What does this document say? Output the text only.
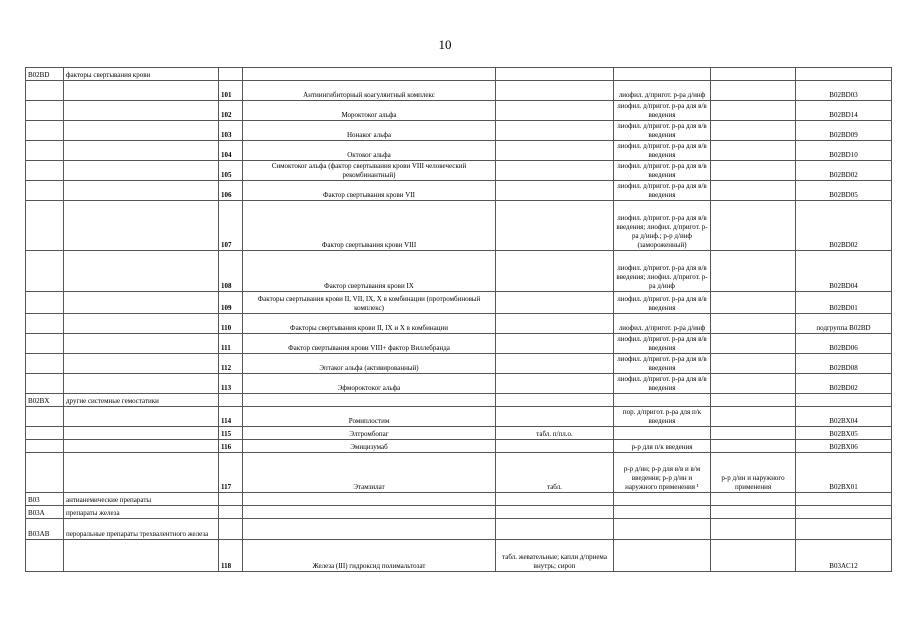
10
B02BD	факторы свертывания крови						
		101	Антиингибиторный коагулянтный комплекс		лиофил. д/пригот. р-ра д/инф		B02BD03
		102	Мороктоког альфа		лиофил. д/пригот. р-ра для в/в введения		B02BD14
		103	Нонаког альфа		лиофил. д/пригот. р-ра для в/в введения		B02BD09
		104	Октоког альфа		лиофил. д/пригот. р-ра для в/в введения		B02BD10
		105	Симоктоког альфа (фактор свертывания крови VIII человеческий рекомбинантный)		лиофил. д/пригот. р-ра для в/в введения		B02BD02
		106	Фактор свертывания крови VII		лиофил. д/пригот. р-ра для в/в введения		B02BD05
		107	Фактор свертывания крови VIII		лиофил. д/пригот. р-ра для в/в введения; лиофил. д/пригот. р-ра д/инф.; р-р д/инф (замороженный)		B02BD02
		108	Фактор свертывания крови IX		лиофил. д/пригот. р-ра для в/в введения; лиофил. д/пригот. р-ра д/инф		B02BD04
		109	Факторы свертывания крови II, VII, IX, X в комбинации (протромбиновый комплекс)		лиофил. д/пригот. р-ра для в/в введения		B02BD01
		110	Факторы свертывания крови II, IX и X в комбинации		лиофил. д/пригот. р-ра д/инф		подгруппа B02BD
		111	Фактор свертывания крови VIII+ фактор Виллебранда		лиофил. д/пригот. р-ра для в/в введения		B02BD06
		112	Эптаког альфа (активированный)		лиофил. д/пригот. р-ра для в/в введения		B02BD08
		113	Эфмороктоког альфа		лиофил. д/пригот. р-ра для в/в введения		B02BD02
B02BX	другие системные гемостатики						
		114	Ромиплостим		пор. д/пригот. р-ра для п/к введения		B02BX04
		115	Элтромбопаг	табл. п/пл.о.			B02BX05
		116	Эмицизумаб		р-р для п/к введения		B02BX06
		117	Этамзилат	табл.	р-р д/ин; р-р для в/в и в/м введения; р-р д/ин и наружного применения ¹	р-р д/ин и наружного применения	B02BX01
B03	антианемические препараты						
B03A	препараты железа						
B03AB	пероральные препараты трехвалентного железа						
		118	Железа (III) гидроксид полимальтозат	табл. жевательные; капли д/приема внутрь; сироп			B03AC12
